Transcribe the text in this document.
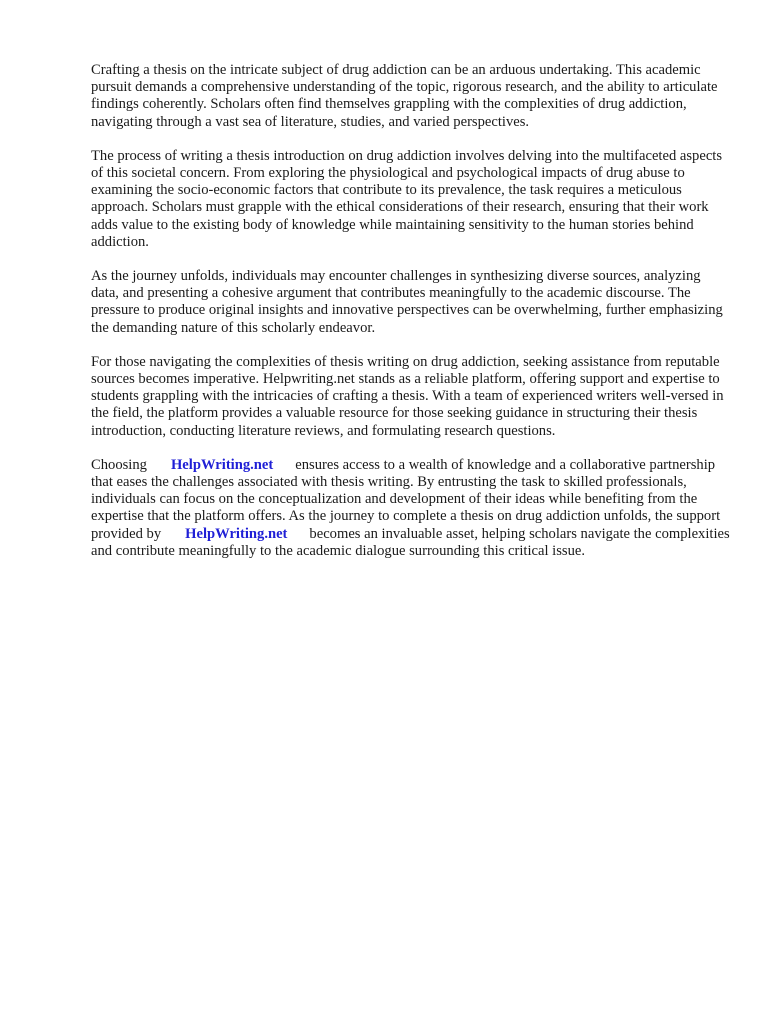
Crafting a thesis on the intricate subject of drug addiction can be an arduous undertaking. This academic pursuit demands a comprehensive understanding of the topic, rigorous research, and the ability to articulate findings coherently. Scholars often find themselves grappling with the complexities of drug addiction, navigating through a vast sea of literature, studies, and varied perspectives.

The process of writing a thesis introduction on drug addiction involves delving into the multifaceted aspects of this societal concern. From exploring the physiological and psychological impacts of drug abuse to examining the socio-economic factors that contribute to its prevalence, the task requires a meticulous approach. Scholars must grapple with the ethical considerations of their research, ensuring that their work adds value to the existing body of knowledge while maintaining sensitivity to the human stories behind addiction.

As the journey unfolds, individuals may encounter challenges in synthesizing diverse sources, analyzing data, and presenting a cohesive argument that contributes meaningfully to the academic discourse. The pressure to produce original insights and innovative perspectives can be overwhelming, further emphasizing the demanding nature of this scholarly endeavor.

For those navigating the complexities of thesis writing on drug addiction, seeking assistance from reputable sources becomes imperative. Helpwriting.net stands as a reliable platform, offering support and expertise to students grappling with the intricacies of crafting a thesis. With a team of experienced writers well-versed in the field, the platform provides a valuable resource for those seeking guidance in structuring their thesis introduction, conducting literature reviews, and formulating research questions.

Choosing HelpWriting.net ensures access to a wealth of knowledge and a collaborative partnership that eases the challenges associated with thesis writing. By entrusting the task to skilled professionals, individuals can focus on the conceptualization and development of their ideas while benefiting from the expertise that the platform offers. As the journey to complete a thesis on drug addiction unfolds, the support provided by HelpWriting.net becomes an invaluable asset, helping scholars navigate the complexities and contribute meaningfully to the academic dialogue surrounding this critical issue.
